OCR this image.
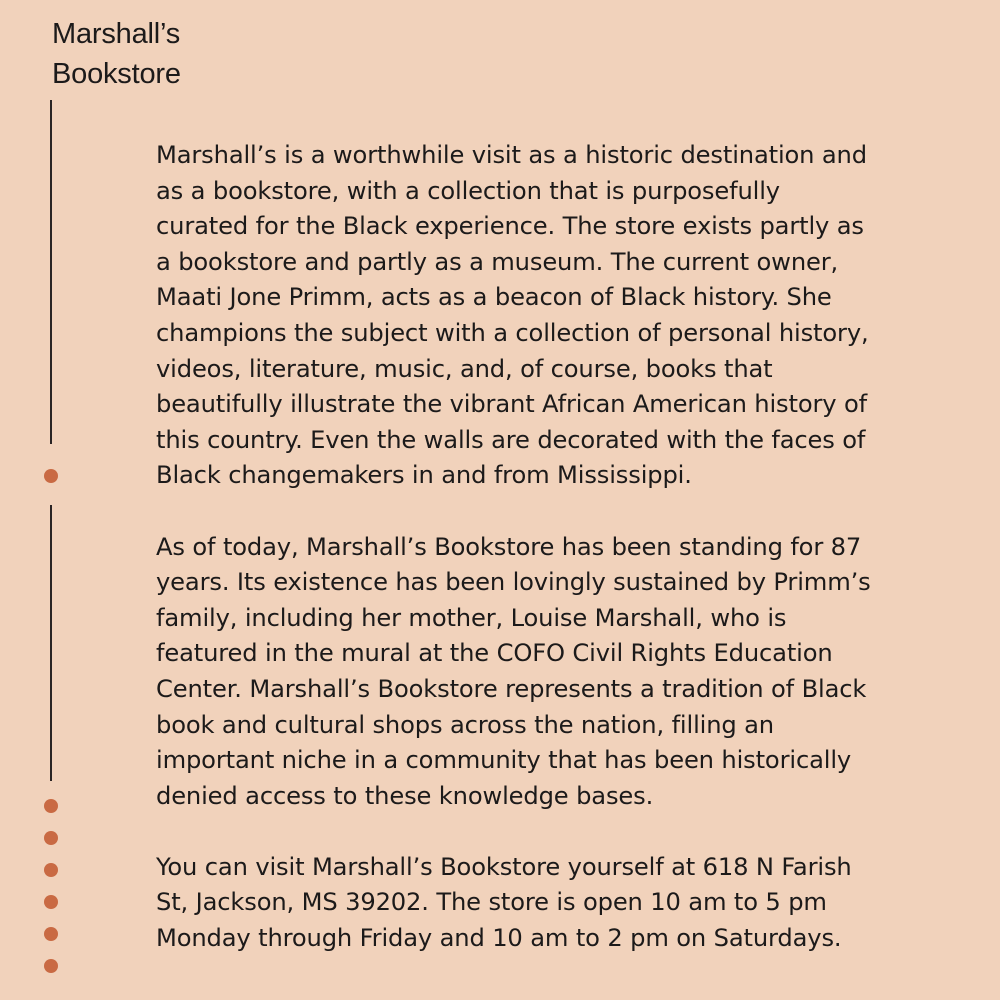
Marshall’s
Bookstore

Marshall’s is a worthwhile visit as a historic destination and
as a bookstore, with a collection that is purposefully
curated for the Black experience. The store exists partly as
a bookstore and partly as a museum. The current owner,
Maati Jone Primm, acts as a beacon of Black history. She
champions the subject with a collection of personal history,
videos, literature, music, and, of course, books that
beautifully illustrate the vibrant African American history of
this country. Even the walls are decorated with the faces of
Black changemakers in and from Mississippi.

As of today, Marshall’s Bookstore has been standing for 87
years. Its existence has been lovingly sustained by Primm’s
family, including her mother, Louise Marshall, who is
featured in the mural at the COFO Civil Rights Education
Center. Marshall’s Bookstore represents a tradition of Black
book and cultural shops across the nation, filling an
important niche in a community that has been historically
denied access to these knowledge bases.

You can visit Marshall’s Bookstore yourself at 618 N Farish
St, Jackson, MS 39202. The store is open 10 am to 5 pm
Monday through Friday and 10 am to 2 pm on Saturdays.
